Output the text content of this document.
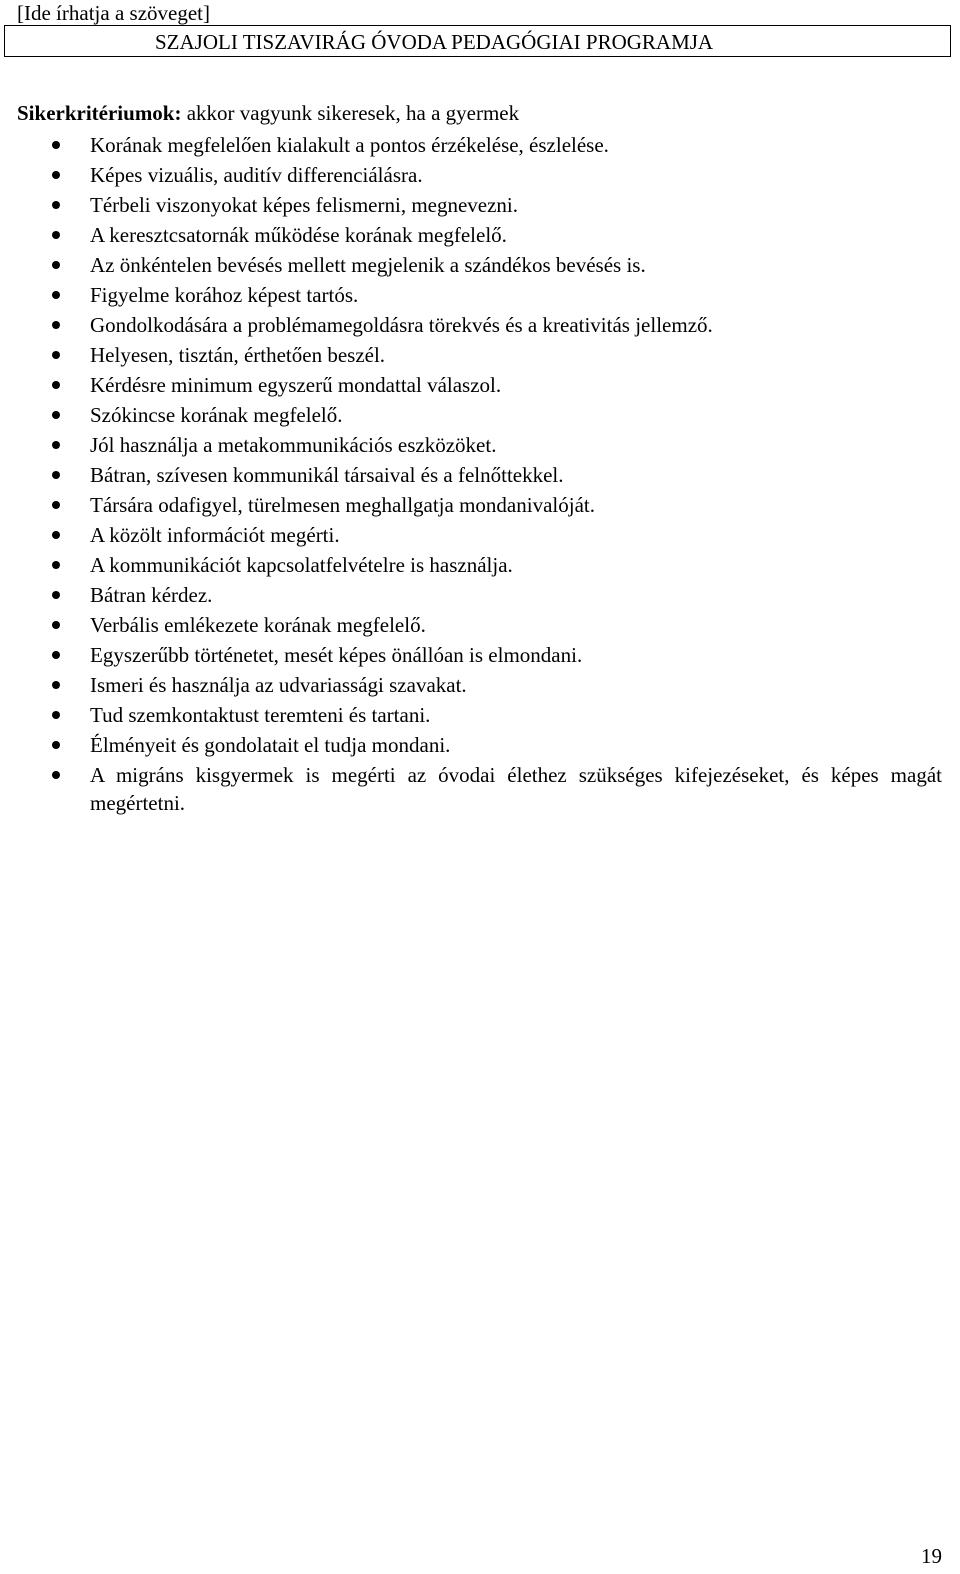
[Ide írhatja a szöveget]
SZAJOLI TISZAVIRÁG ÓVODA PEDAGÓGIAI PROGRAMJA
Sikerkritériumok: akkor vagyunk sikeresek, ha a gyermek
Korának megfelelően kialakult a pontos érzékelése, észlelése.
Képes vizuális, auditív differenciálásra.
Térbeli viszonyokat képes felismerni, megnevezni.
A keresztcsatornák működése korának megfelelő.
Az önkéntelen bevésés mellett megjelenik a szándékos bevésés is.
Figyelme korához képest tartós.
Gondolkodására a problémamegoldásra törekvés és a kreativitás jellemző.
Helyesen, tisztán, érthetően beszél.
Kérdésre minimum egyszerű mondattal válaszol.
Szókincse korának megfelelő.
Jól használja a metakommunikációs eszközöket.
Bátran, szívesen kommunikál társaival és a felnőttekkel.
Társára odafigyel, türelmesen meghallgatja mondanivalóját.
A közölt információt megérti.
A kommunikációt kapcsolatfelvételre is használja.
Bátran kérdez.
Verbális emlékezete korának megfelelő.
Egyszerűbb történetet, mesét képes önállóan is elmondani.
Ismeri és használja az udvariassági szavakat.
Tud szemkontaktust teremteni és tartani.
Élményeit és gondolatait el tudja mondani.
A migráns kisgyermek is megérti az óvodai élethez szükséges kifejezéseket, és képes magát megértetni.
19
